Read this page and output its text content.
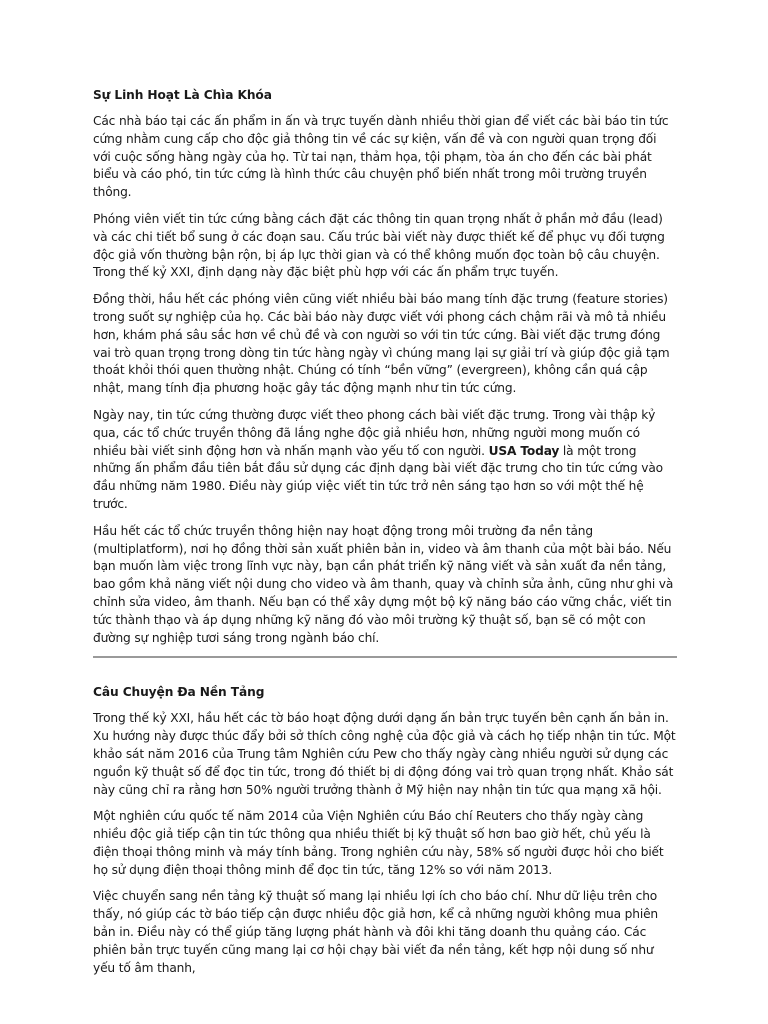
Sự Linh Hoạt Là Chìa Khóa

Các nhà báo tại các ấn phẩm in ấn và trực tuyến dành nhiều thời gian để viết các bài báo tin tức cứng nhằm cung cấp cho độc giả thông tin về các sự kiện, vấn đề và con người quan trọng đối với cuộc sống hàng ngày của họ. Từ tai nạn, thảm họa, tội phạm, tòa án cho đến các bài phát biểu và cáo phó, tin tức cứng là hình thức câu chuyện phổ biến nhất trong môi trường truyền thông.

Phóng viên viết tin tức cứng bằng cách đặt các thông tin quan trọng nhất ở phần mở đầu (lead) và các chi tiết bổ sung ở các đoạn sau. Cấu trúc bài viết này được thiết kế để phục vụ đối tượng độc giả vốn thường bận rộn, bị áp lực thời gian và có thể không muốn đọc toàn bộ câu chuyện. Trong thế kỷ XXI, định dạng này đặc biệt phù hợp với các ấn phẩm trực tuyến.

Đồng thời, hầu hết các phóng viên cũng viết nhiều bài báo mang tính đặc trưng (feature stories) trong suốt sự nghiệp của họ. Các bài báo này được viết với phong cách chậm rãi và mô tả nhiều hơn, khám phá sâu sắc hơn về chủ đề và con người so với tin tức cứng. Bài viết đặc trưng đóng vai trò quan trọng trong dòng tin tức hàng ngày vì chúng mang lại sự giải trí và giúp độc giả tạm thoát khỏi thói quen thường nhật. Chúng có tính “bền vững” (evergreen), không cần quá cập nhật, mang tính địa phương hoặc gây tác động mạnh như tin tức cứng.

Ngày nay, tin tức cứng thường được viết theo phong cách bài viết đặc trưng. Trong vài thập kỷ qua, các tổ chức truyền thông đã lắng nghe độc giả nhiều hơn, những người mong muốn có nhiều bài viết sinh động hơn và nhấn mạnh vào yếu tố con người. USA Today là một trong những ấn phẩm đầu tiên bắt đầu sử dụng các định dạng bài viết đặc trưng cho tin tức cứng vào đầu những năm 1980. Điều này giúp việc viết tin tức trở nên sáng tạo hơn so với một thế hệ trước.

Hầu hết các tổ chức truyền thông hiện nay hoạt động trong môi trường đa nền tảng (multiplatform), nơi họ đồng thời sản xuất phiên bản in, video và âm thanh của một bài báo. Nếu bạn muốn làm việc trong lĩnh vực này, bạn cần phát triển kỹ năng viết và sản xuất đa nền tảng, bao gồm khả năng viết nội dung cho video và âm thanh, quay và chỉnh sửa ảnh, cũng như ghi và chỉnh sửa video, âm thanh. Nếu bạn có thể xây dựng một bộ kỹ năng báo cáo vững chắc, viết tin tức thành thạo và áp dụng những kỹ năng đó vào môi trường kỹ thuật số, bạn sẽ có một con đường sự nghiệp tươi sáng trong ngành báo chí.

Câu Chuyện Đa Nền Tảng

Trong thế kỷ XXI, hầu hết các tờ báo hoạt động dưới dạng ấn bản trực tuyến bên cạnh ấn bản in. Xu hướng này được thúc đẩy bởi sở thích công nghệ của độc giả và cách họ tiếp nhận tin tức. Một khảo sát năm 2016 của Trung tâm Nghiên cứu Pew cho thấy ngày càng nhiều người sử dụng các nguồn kỹ thuật số để đọc tin tức, trong đó thiết bị di động đóng vai trò quan trọng nhất. Khảo sát này cũng chỉ ra rằng hơn 50% người trưởng thành ở Mỹ hiện nay nhận tin tức qua mạng xã hội.

Một nghiên cứu quốc tế năm 2014 của Viện Nghiên cứu Báo chí Reuters cho thấy ngày càng nhiều độc giả tiếp cận tin tức thông qua nhiều thiết bị kỹ thuật số hơn bao giờ hết, chủ yếu là điện thoại thông minh và máy tính bảng. Trong nghiên cứu này, 58% số người được hỏi cho biết họ sử dụng điện thoại thông minh để đọc tin tức, tăng 12% so với năm 2013.

Việc chuyển sang nền tảng kỹ thuật số mang lại nhiều lợi ích cho báo chí. Như dữ liệu trên cho thấy, nó giúp các tờ báo tiếp cận được nhiều độc giả hơn, kể cả những người không mua phiên bản in. Điều này có thể giúp tăng lượng phát hành và đôi khi tăng doanh thu quảng cáo. Các phiên bản trực tuyến cũng mang lại cơ hội chạy bài viết đa nền tảng, kết hợp nội dung số như yếu tố âm thanh,
